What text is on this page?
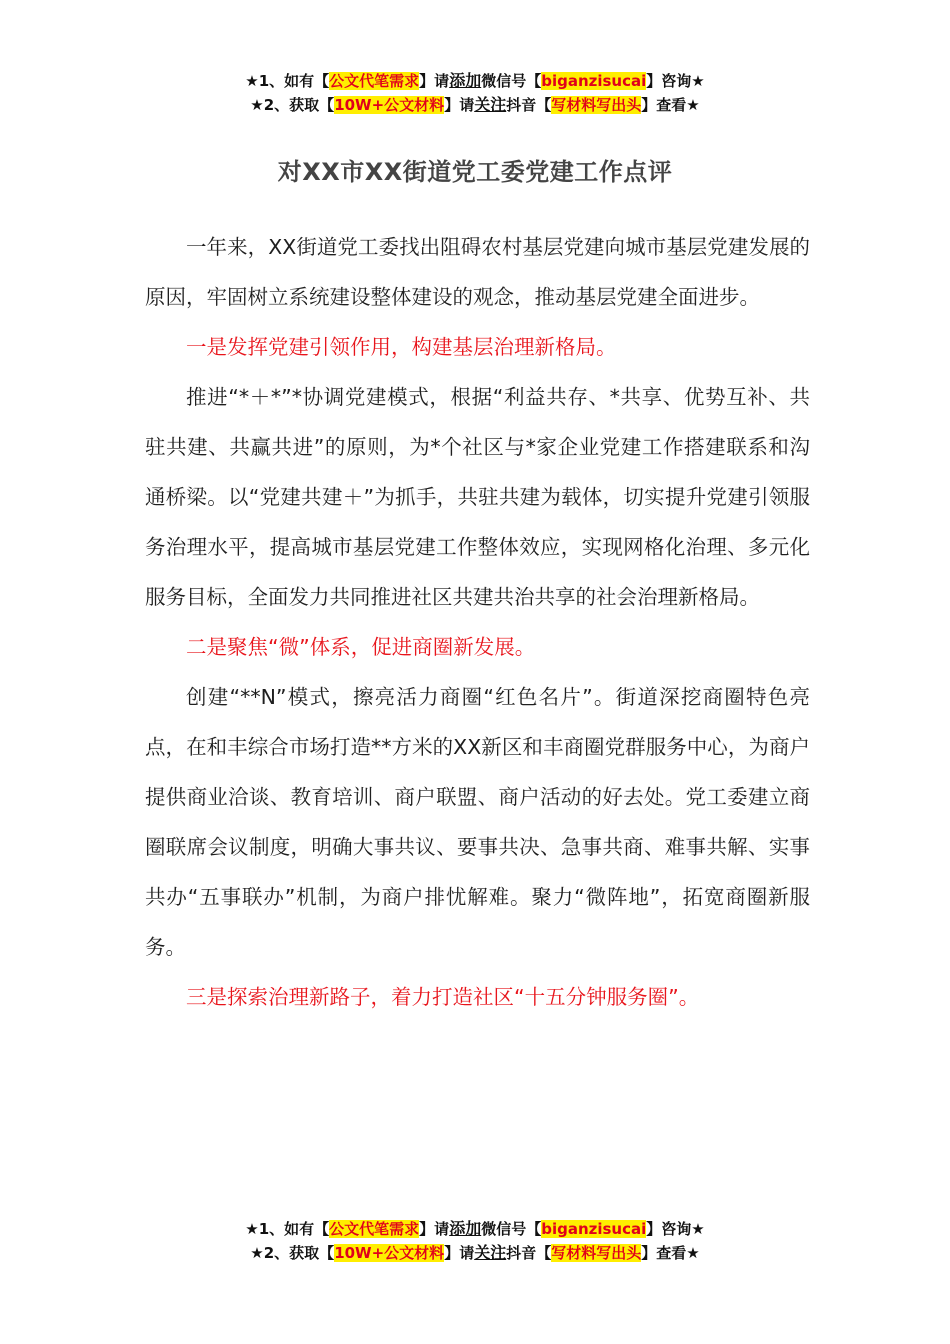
★1、如有【公文代笔需求】请添加微信号【biganzisucai】咨询★
★2、获取【10W+公文材料】请关注抖音【写材料写出头】查看★
对XX市XX街道党工委党建工作点评

一年来，XX街道党工委找出阻碍农村基层党建向城市基层党建发展的原因，牢固树立系统建设整体建设的观念，推动基层党建全面进步。

一是发挥党建引领作用，构建基层治理新格局。

推进“*＋*”*协调党建模式，根据“利益共存、*共享、优势互补、共驻共建、共赢共进”的原则，为*个社区与*家企业党建工作搭建联系和沟通桥梁。以“党建共建＋”为抓手，共驻共建为载体，切实提升党建引领服务治理水平，提高城市基层党建工作整体效应，实现网格化治理、多元化服务目标，全面发力共同推进社区共建共治共享的社会治理新格局。

二是聚焦“微”体系，促进商圈新发展。

创建“**N”模式，擦亮活力商圈“红色名片”。街道深挖商圈特色亮点，在和丰综合市场打造**方米的XX新区和丰商圈党群服务中心，为商户提供商业洽谈、教育培训、商户联盟、商户活动的好去处。党工委建立商圈联席会议制度，明确大事共议、要事共决、急事共商、难事共解、实事共办“五事联办”机制，为商户排忧解难。聚力“微阵地”，拓宽商圈新服务。

三是探索治理新路子，着力打造社区“十五分钟服务圈”。

★1、如有【公文代笔需求】请添加微信号【biganzisucai】咨询★
★2、获取【10W+公文材料】请关注抖音【写材料写出头】查看★
